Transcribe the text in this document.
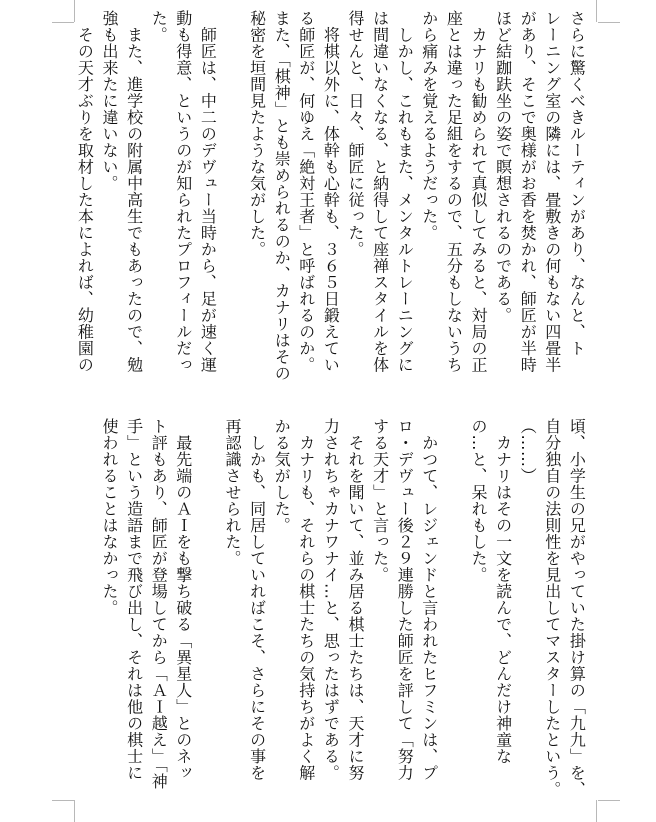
さらに驚くべきルーティンがあり、なんと、ト
レーニング室の隣には、畳敷きの何もない四畳半
があり、そこで奥様がお香を焚かれ、師匠が半時
ほど結跏趺坐の姿で瞑想されるのである。
　カナリも勧められて真似してみると、対局の正
座とは違った足組をするので、五分もしないうち
から痛みを覚えるようだった。
　しかし、これもまた、メンタルトレーニングに
は間違いなくなる、と納得して座禅スタイルを体
得せんと、日々、師匠に従った。
　将棋以外に、体幹も心幹も、３６５日鍛えてい
る師匠が、何ゆえ「絶対王者」と呼ばれるのか。
また、「棋神」とも崇められるのか、カナリはその
秘密を垣間見たような気がした。
　師匠は、中二のデヴュー当時から、足が速く運
動も得意、というのが知られたプロフィールだっ
た。
　また、進学校の附属中高生でもあったので、勉
強も出来たに違いない。
　その天才ぶりを取材した本によれば、幼稚園の
頃、小学生の兄がやっていた掛け算の「九九」を、
自分独自の法則性を見出してマスターしたという。
（……）
　カナリはその一文を読んで、どんだけ神童な
の…と、呆れもした。
　かつて、レジェンドと言われたヒフミンは、プ
ロ・デヴュー後２９連勝した師匠を評して「努力
する天才」と言った。
　それを聞いて、並み居る棋士たちは、天才に努
力されちゃカナワナイ…と、思ったはずである。
　カナリも、それらの棋士たちの気持ちがよく解
かる気がした。
　しかも、同居していればこそ、さらにその事を
再認識させられた。
　最先端のＡＩをも撃ち破る「異星人」とのネッ
ト評もあり、師匠が登場してから「ＡＩ越え」「神
手」という造語まで飛び出し、それは他の棋士に
使われることはなかった。
